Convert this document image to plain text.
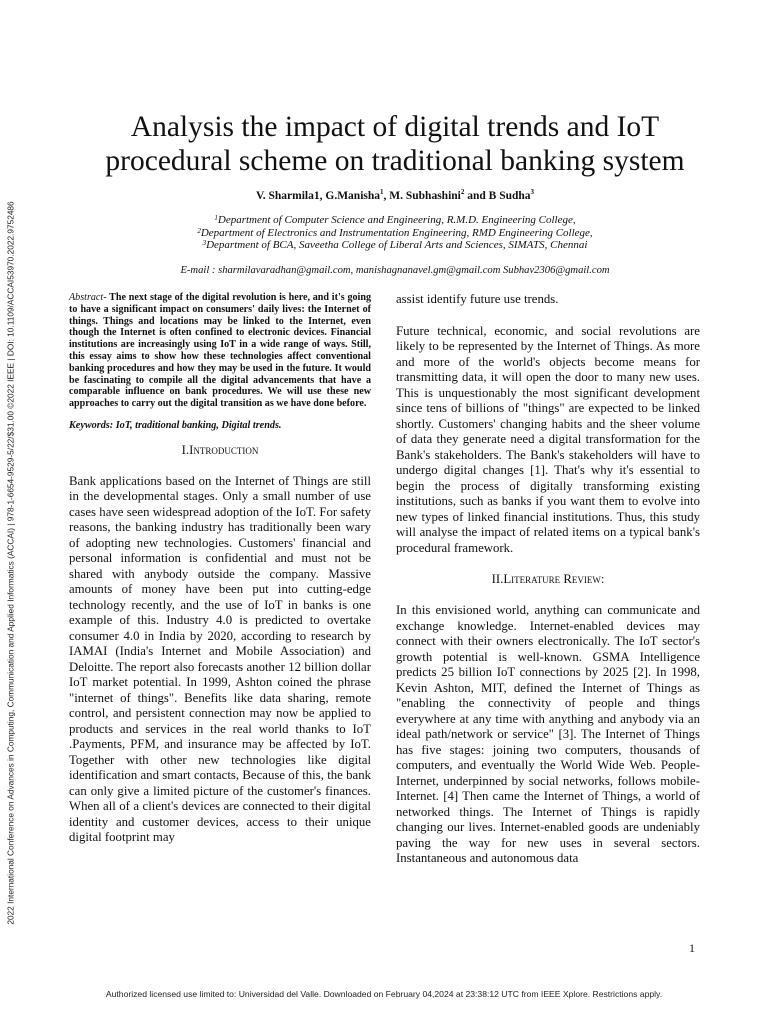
2022 International Conference on Advances in Computing, Communication and Applied Informatics (ACCAI) | 978-1-6654-9529-5/22/$31.00 ©2022 IEEE | DOI: 10.1109/ACCAI53970.2022.9752486
Analysis the impact of digital trends and IoT procedural scheme on traditional banking system
V. Sharmila1, G.Manisha$^1$, M. Subhashini$^2$ and B Sudha$^3$
$^1$Department of Computer Science and Engineering, R.M.D. Engineering College,
$^2$Department of Electronics and Instrumentation Engineering, RMD Engineering College,
$^3$Department of BCA, Saveetha College of Liberal Arts and Sciences, SIMATS, Chennai
E-mail : sharmilavaradhan@gmail.com, manishagnanavel.gm@gmail.com Subhav2306@gmail.com

Abstract- The next stage of the digital revolution is here, and it's going to have a significant impact on consumers' daily lives: the Internet of things. Things and locations may be linked to the Internet, even though the Internet is often confined to electronic devices. Financial institutions are increasingly using IoT in a wide range of ways. Still, this essay aims to show how these technologies affect conventional banking procedures and how they may be used in the future. It would be fascinating to compile all the digital advancements that have a comparable influence on bank procedures. We will use these new approaches to carry out the digital transition as we have done before.

Keywords: IoT, traditional banking, Digital trends.

I.Introduction

Bank applications based on the Internet of Things are still in the developmental stages. Only a small number of use cases have seen widespread adoption of the IoT. For safety reasons, the banking industry has traditionally been wary of adopting new technologies. Customers' financial and personal information is confidential and must not be shared with anybody outside the company. Massive amounts of money have been put into cutting-edge technology recently, and the use of IoT in banks is one example of this. Industry 4.0 is predicted to overtake consumer 4.0 in India by 2020, according to research by IAMAI (India's Internet and Mobile Association) and Deloitte. The report also forecasts another 12 billion dollar IoT market potential. In 1999, Ashton coined the phrase "internet of things". Benefits like data sharing, remote control, and persistent connection may now be applied to products and services in the real world thanks to IoT .Payments, PFM, and insurance may be affected by IoT. Together with other new technologies like digital identification and smart contacts, Because of this, the bank can only give a limited picture of the customer's finances. When all of a client's devices are connected to their digital identity and customer devices, access to their unique digital footprint may

assist identify future use trends.

Future technical, economic, and social revolutions are likely to be represented by the Internet of Things. As more and more of the world's objects become means for transmitting data, it will open the door to many new uses. This is unquestionably the most significant development since tens of billions of "things" are expected to be linked shortly. Customers' changing habits and the sheer volume of data they generate need a digital transformation for the Bank's stakeholders. The Bank's stakeholders will have to undergo digital changes [1]. That's why it's essential to begin the process of digitally transforming existing institutions, such as banks if you want them to evolve into new types of linked financial institutions. Thus, this study will analyse the impact of related items on a typical bank's procedural framework.

II.Literature Review:

In this envisioned world, anything can communicate and exchange knowledge. Internet-enabled devices may connect with their owners electronically. The IoT sector's growth potential is well-known. GSMA Intelligence predicts 25 billion IoT connections by 2025 [2]. In 1998, Kevin Ashton, MIT, defined the Internet of Things as "enabling the connectivity of people and things everywhere at any time with anything and anybody via an ideal path/network or service" [3]. The Internet of Things has five stages: joining two computers, thousands of computers, and eventually the World Wide Web. People-Internet, underpinned by social networks, follows mobile-Internet. [4] Then came the Internet of Things, a world of networked things. The Internet of Things is rapidly changing our lives. Internet-enabled goods are undeniably paving the way for new uses in several sectors. Instantaneous and autonomous data

1
Authorized licensed use limited to: Universidad del Valle. Downloaded on February 04,2024 at 23:38:12 UTC from IEEE Xplore. Restrictions apply.
